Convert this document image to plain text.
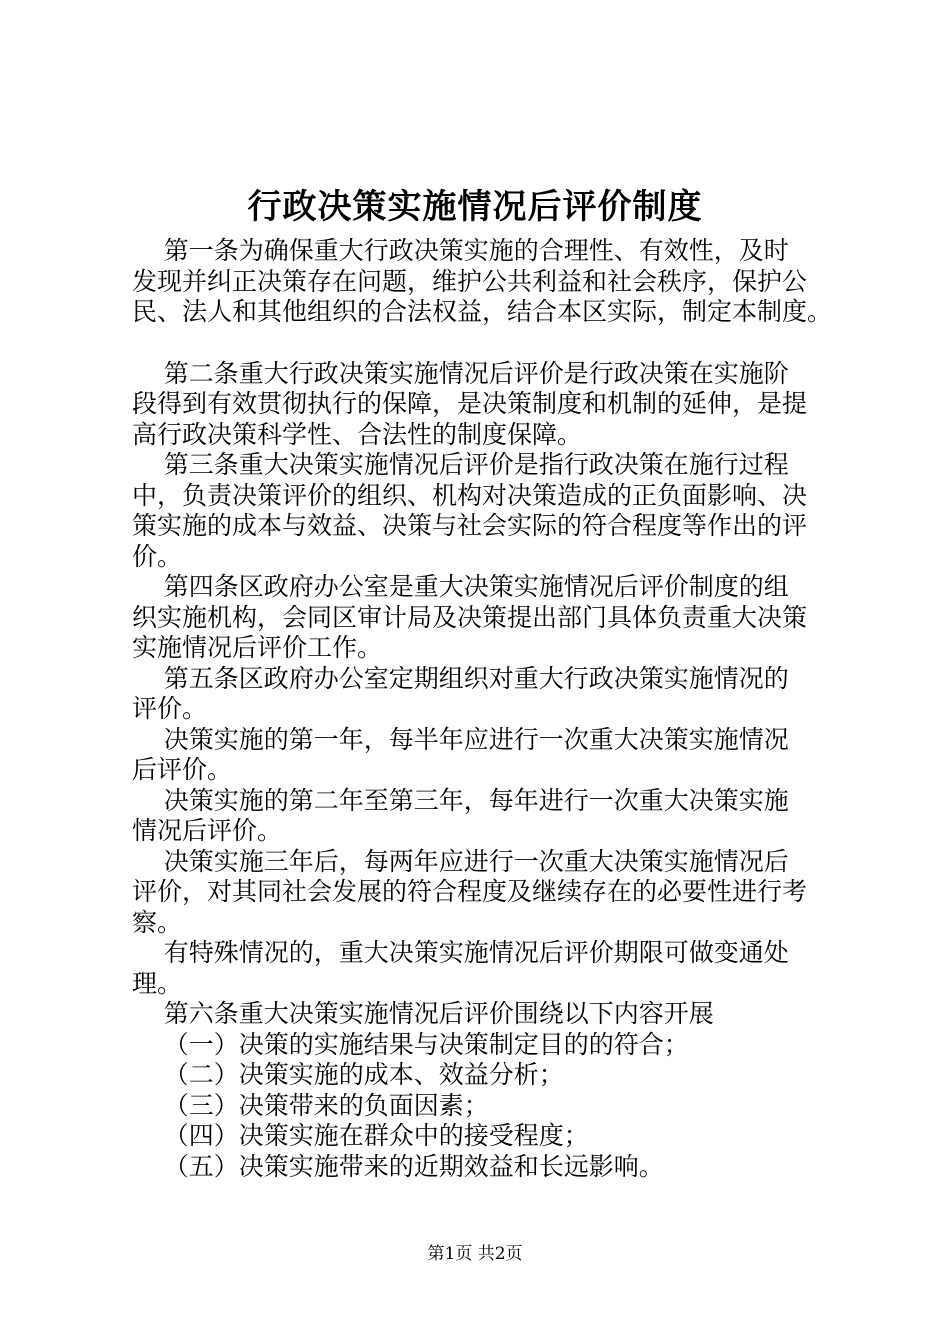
行政决策实施情况后评价制度
第一条为确保重大行政决策实施的合理性、有效性，及时
发现并纠正决策存在问题，维护公共利益和社会秩序，保护公
民、法人和其他组织的合法权益，结合本区实际，制定本制度。
第二条重大行政决策实施情况后评价是行政决策在实施阶
段得到有效贯彻执行的保障，是决策制度和机制的延伸，是提
高行政决策科学性、合法性的制度保障。
第三条重大决策实施情况后评价是指行政决策在施行过程
中，负责决策评价的组织、机构对决策造成的正负面影响、决
策实施的成本与效益、决策与社会实际的符合程度等作出的评
价。
第四条区政府办公室是重大决策实施情况后评价制度的组
织实施机构，会同区审计局及决策提出部门具体负责重大决策
实施情况后评价工作。
第五条区政府办公室定期组织对重大行政决策实施情况的
评价。
决策实施的第一年，每半年应进行一次重大决策实施情况
后评价。
决策实施的第二年至第三年，每年进行一次重大决策实施
情况后评价。
决策实施三年后，每两年应进行一次重大决策实施情况后
评价，对其同社会发展的符合程度及继续存在的必要性进行考
察。
有特殊情况的，重大决策实施情况后评价期限可做变通处
理。
第六条重大决策实施情况后评价围绕以下内容开展
（一）决策的实施结果与决策制定目的的符合；
（二）决策实施的成本、效益分析；
（三）决策带来的负面因素；
（四）决策实施在群众中的接受程度；
（五）决策实施带来的近期效益和长远影响。
第1页 共2页
